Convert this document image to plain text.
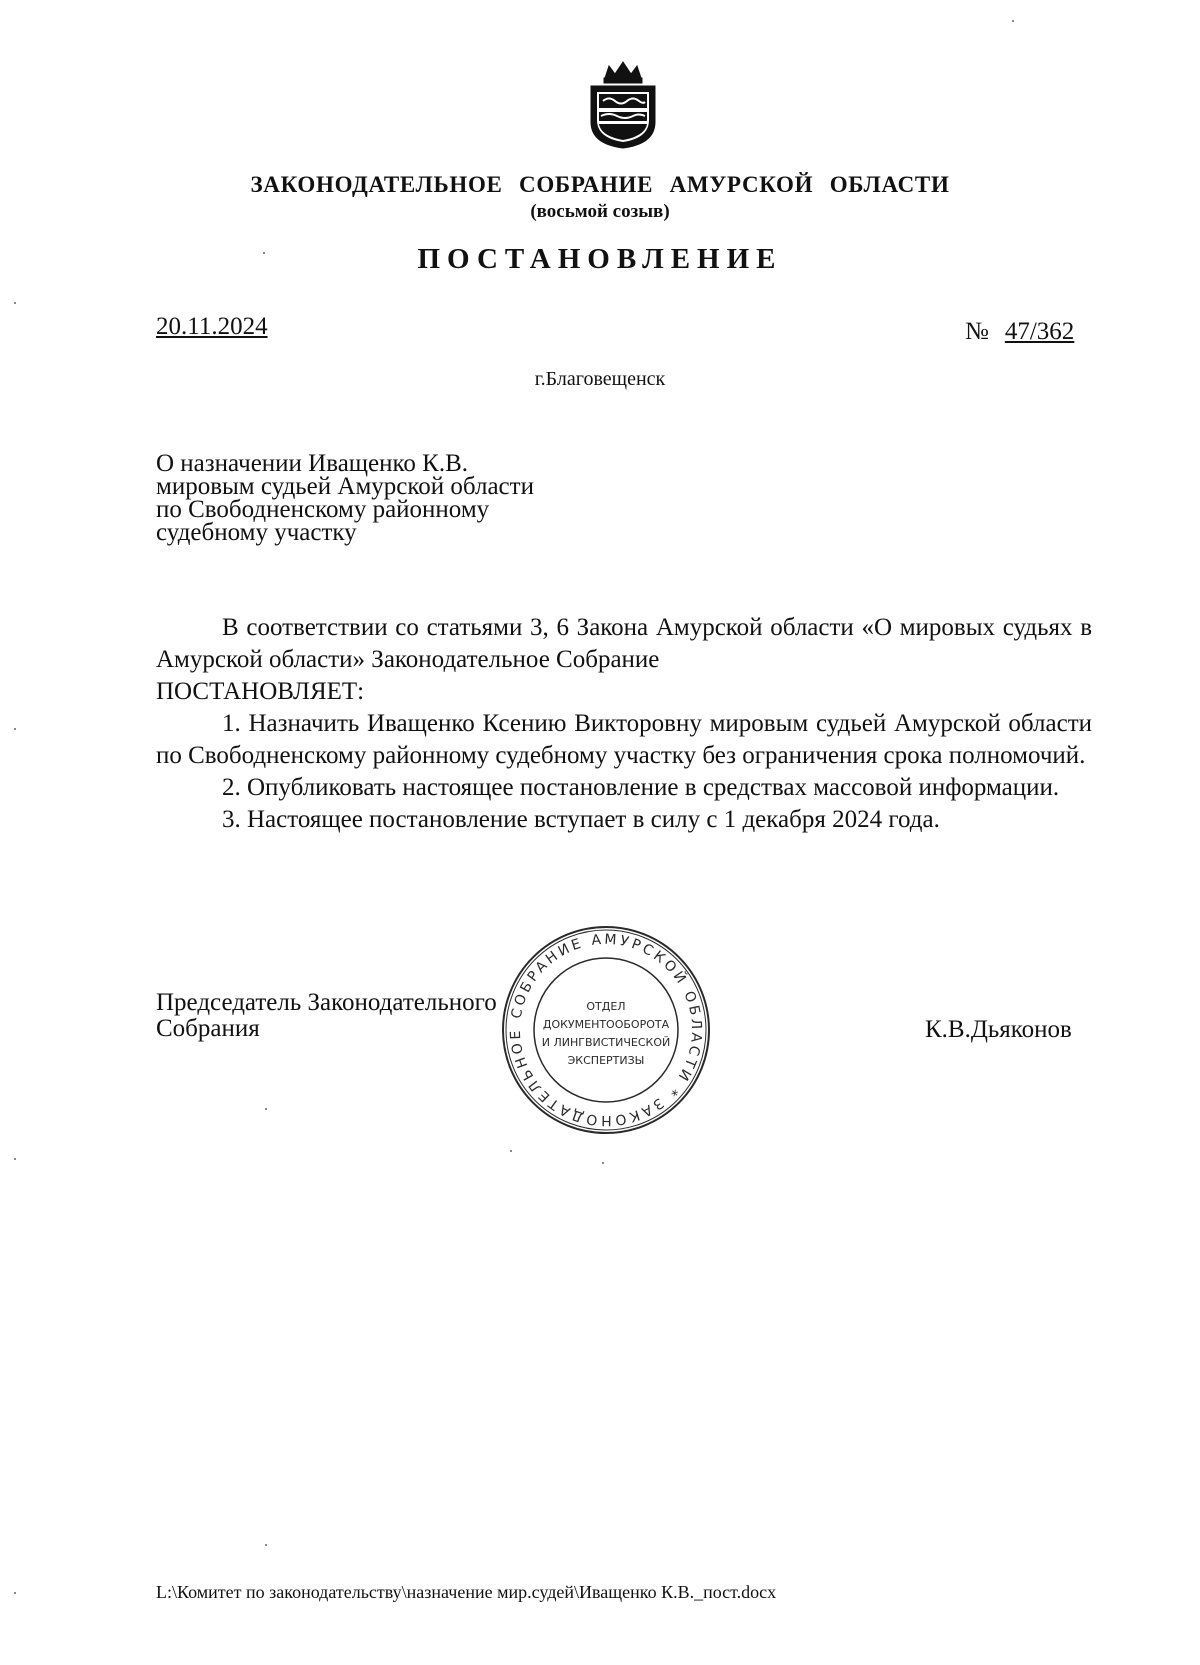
ЗАКОНОДАТЕЛЬНОЕ СОБРАНИЕ АМУРСКОЙ ОБЛАСТИ
(восьмой созыв)
ПОСТАНОВЛЕНИЕ
20.11.2024	№ 47/362
г.Благовещенск
О назначении Иващенко К.В.
мировым судьей Амурской области
по Свободненскому районному
судебному участку

В соответствии со статьями 3, 6 Закона Амурской области «О мировых судьях в Амурской области» Законодательное Собрание

ПОСТАНОВЛЯЕТ:

1. Назначить Иващенко Ксению Викторовну мировым судьей Амурской области по Свободненскому районному судебному участку без ограничения срока полномочий.

2. Опубликовать настоящее постановление в средствах массовой информации.

3. Настоящее постановление вступает в силу с 1 декабря 2024 года.

Председатель Законодательного
Собрания	К.В.Дьяконов
СОБРАНИЕ АМУРСКОЙ ОБЛАСТИ * ЗАКОНОДАТЕЛЬНОЕ
ОТДЕЛ
ДОКУМЕНТООБОРОТА
И ЛИНГВИСТИЧЕСКОЙ
ЭКСПЕРТИЗЫ
L:\Комитет по законодательству\назначение мир.судей\Иващенко К.В._пост.docx
